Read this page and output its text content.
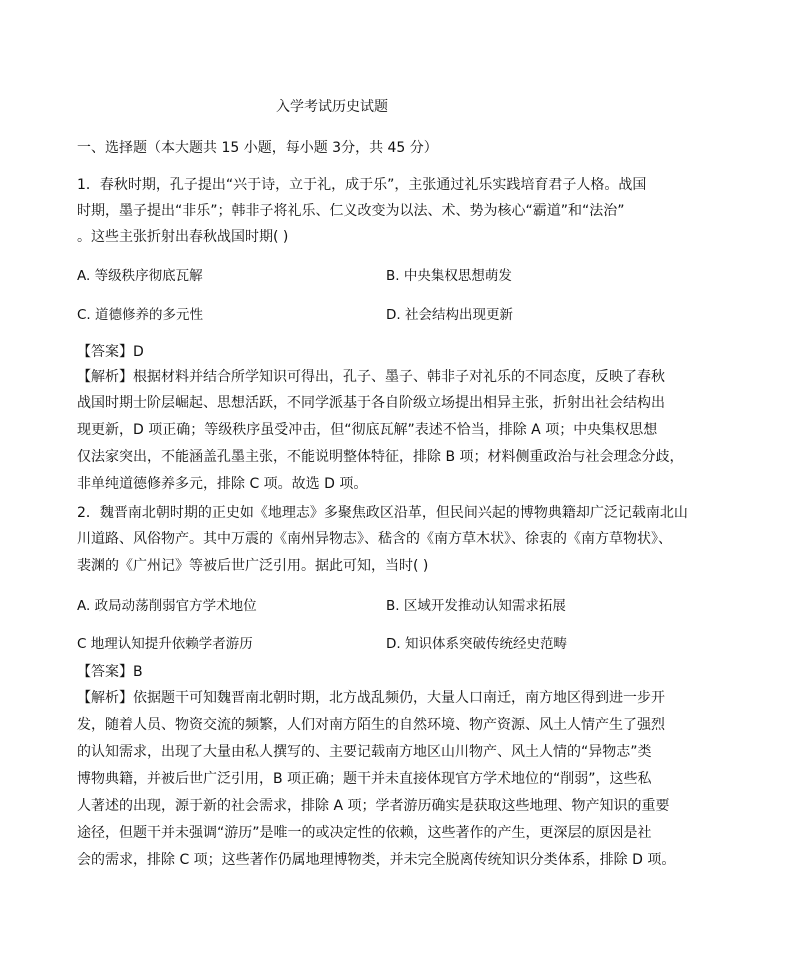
入学考试历史试题
一、选择题（本大题共 15 小题，每小题 3分，共 45 分）
1．春秋时期，孔子提出“兴于诗，立于礼，成于乐”，主张通过礼乐实践培育君子人格。战国
时期，墨子提出“非乐”；韩非子将礼乐、仁义改变为以法、术、势为核心“霸道”和“法治”
。这些主张折射出春秋战国时期( )
A. 等级秩序彻底瓦解	B. 中央集权思想萌发
C. 道德修养的多元性	D. 社会结构出现更新
【答案】D
【解析】根据材料并结合所学知识可得出，孔子、墨子、韩非子对礼乐的不同态度，反映了春秋
战国时期士阶层崛起、思想活跃，不同学派基于各自阶级立场提出相异主张，折射出社会结构出
现更新，D 项正确；等级秩序虽受冲击，但“彻底瓦解”表述不恰当，排除 A 项；中央集权思想
仅法家突出，不能涵盖孔墨主张，不能说明整体特征，排除 B 项；材料侧重政治与社会理念分歧，
非单纯道德修养多元，排除 C 项。故选 D 项。
2．魏晋南北朝时期的正史如《地理志》多聚焦政区沿革，但民间兴起的博物典籍却广泛记载南北山
川道路、风俗物产。其中万震的《南州异物志》、嵇含的《南方草木状》、徐衷的《南方草物状》、
裴渊的《广州记》等被后世广泛引用。据此可知，当时( )
A. 政局动荡削弱官方学术地位	B. 区域开发推动认知需求拓展
C 地理认知提升依赖学者游历	D. 知识体系突破传统经史范畴
【答案】B
【解析】依据题干可知魏晋南北朝时期，北方战乱频仍，大量人口南迁，南方地区得到进一步开
发，随着人员、物资交流的频繁，人们对南方陌生的自然环境、物产资源、风土人情产生了强烈
的认知需求，出现了大量由私人撰写的、主要记载南方地区山川物产、风土人情的“异物志”类
博物典籍，并被后世广泛引用，B 项正确；题干并未直接体现官方学术地位的“削弱”，这些私
人著述的出现，源于新的社会需求，排除 A 项；学者游历确实是获取这些地理、物产知识的重要
途径，但题干并未强调“游历”是唯一的或决定性的依赖，这些著作的产生，更深层的原因是社
会的需求，排除 C 项；这些著作仍属地理博物类，并未完全脱离传统知识分类体系，排除 D 项。
